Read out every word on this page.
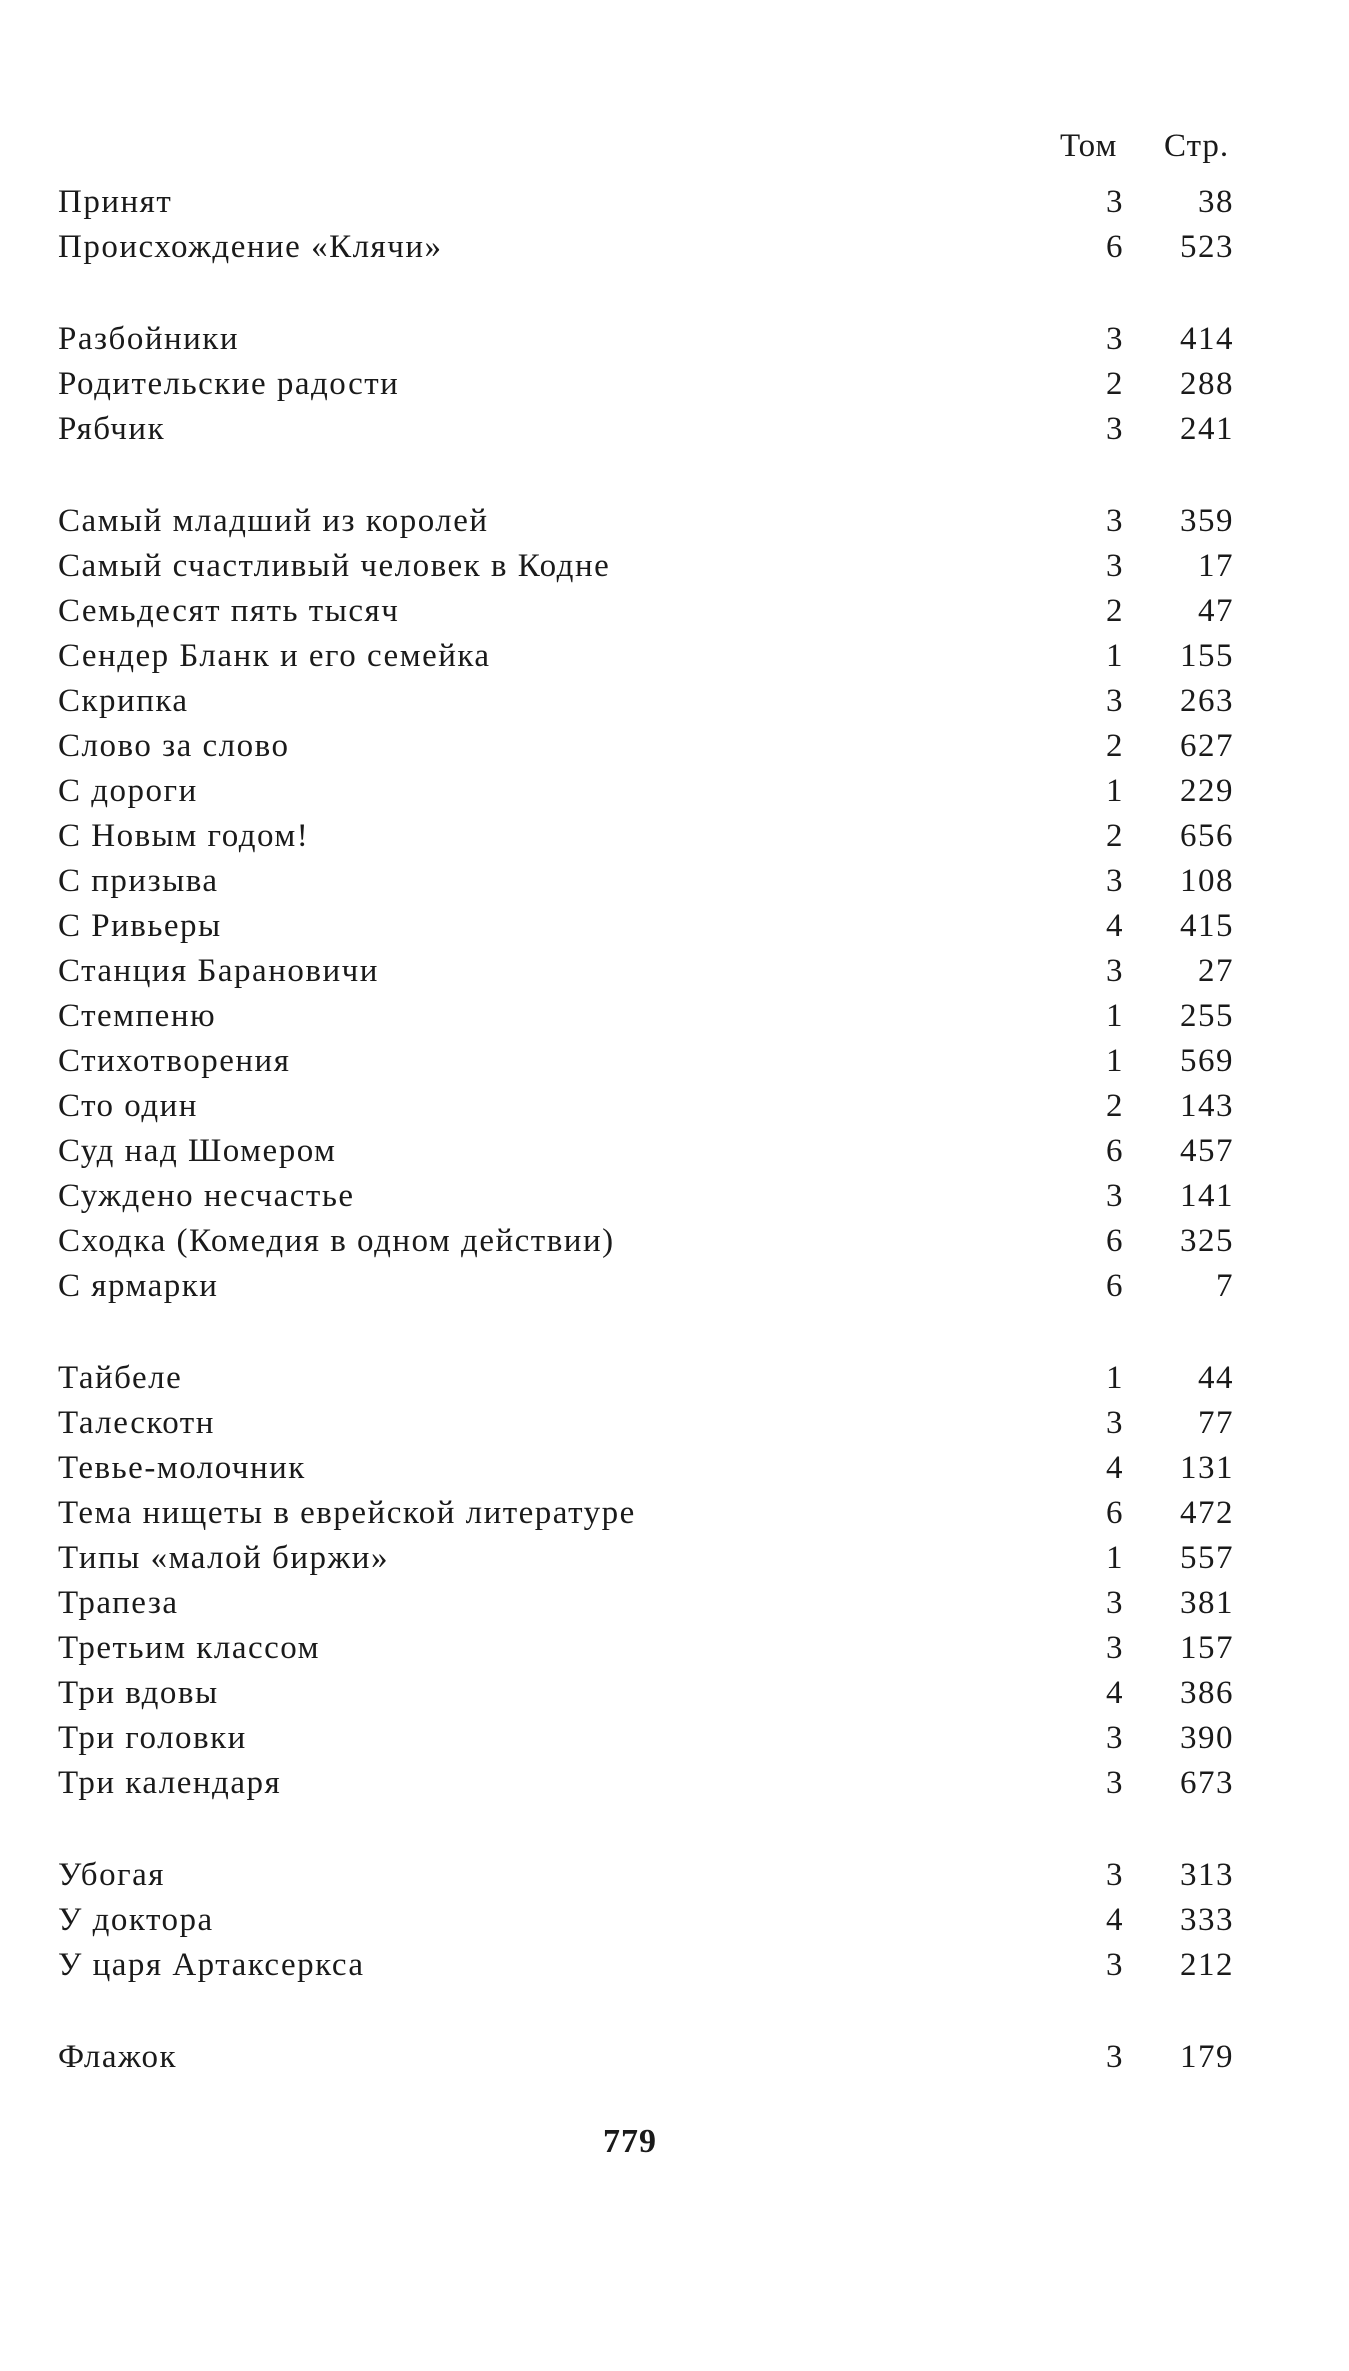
Том Стр.
Принят	3	38
Происхождение «Клячи»	6	523
Разбойники	3	414
Родительские радости	2	288
Рябчик	3	241
Самый младший из королей	3	359
Самый счастливый человек в Кодне	3	17
Семьдесят пять тысяч	2	47
Сендер Бланк и его семейка	1	155
Скрипка	3	263
Слово за слово	2	627
С дороги	1	229
С Новым годом!	2	656
С призыва	3	108
С Ривьеры	4	415
Станция Барановичи	3	27
Стемпеню	1	255
Стихотворения	1	569
Сто один	2	143
Суд над Шомером	6	457
Суждено несчастье	3	141
Сходка (Комедия в одном действии)	6	325
С ярмарки	6	7
Тайбеле	1	44
Талескотн	3	77
Тевье-молочник	4	131
Тема нищеты в еврейской литературе	6	472
Типы «малой биржи»	1	557
Трапеза	3	381
Третьим классом	3	157
Три вдовы	4	386
Три головки	3	390
Три календаря	3	673
Убогая	3	313
У доктора	4	333
У царя Артаксеркса	3	212
Флажок	3	179
779
